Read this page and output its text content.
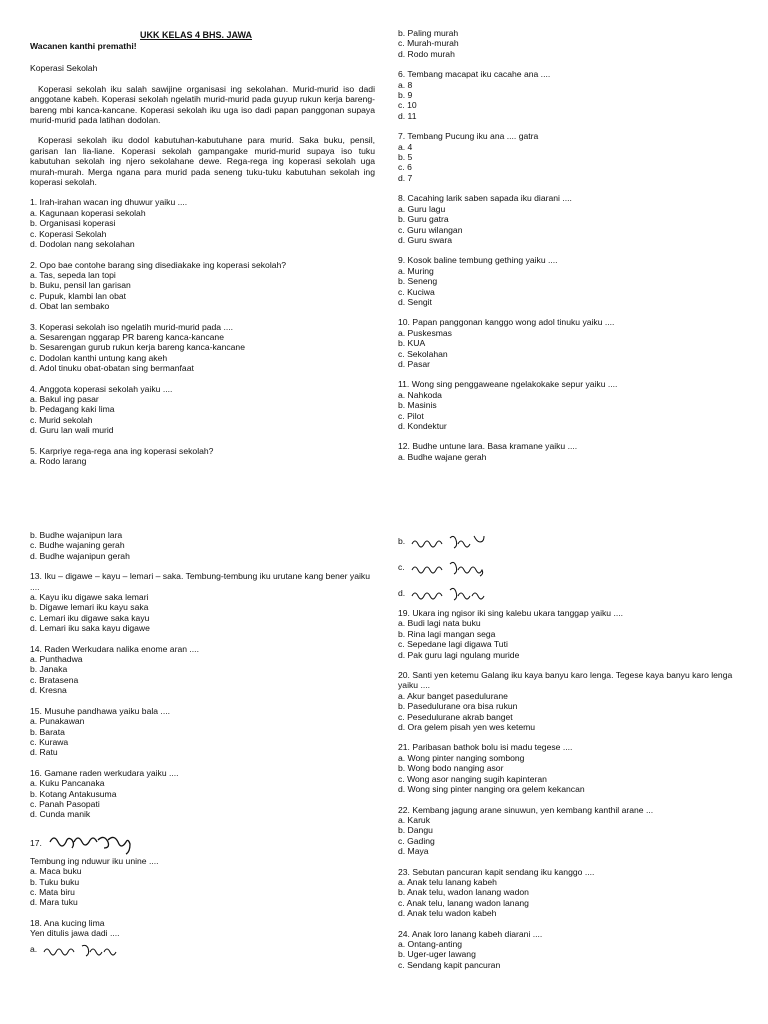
UKK KELAS 4 BHS. JAWA
Wacanen kanthi premathi!
Koperasi Sekolah
Koperasi sekolah iku salah sawijine organisasi ing sekolahan. Murid-murid iso dadi anggotane kabeh. Koperasi sekolah ngelatih murid-murid pada guyup rukun kerja bareng-bareng mbi kanca-kancane. Koperasi sekolah iku uga iso dadi papan panggonan supaya murid-murid pada latihan dodolan.
Koperasi sekolah iku dodol kabutuhan-kabutuhane para murid. Saka buku, pensil, garisan lan lia-liane. Koperasi sekolah gampangake murid-murid supaya iso tuku kabutuhan sekolah ing njero sekolahane dewe. Rega-rega ing koperasi sekolah uga murah-murah. Merga ngana para murid pada seneng tuku-tuku kabutuhan sekolah ing koperasi sekolah.
1. Irah-irahan wacan ing dhuwur yaiku ....
a. Kagunaan koperasi sekolah
b. Organisasi koperasi
c. Koperasi Sekolah
d. Dodolan nang sekolahan
2. Opo bae contohe barang sing disediakake ing koperasi sekolah?
a. Tas, sepeda lan topi
b. Buku, pensil lan garisan
c. Pupuk, klambi lan obat
d. Obat lan sembako
3. Koperasi sekolah iso ngelatih murid-murid pada ....
a. Sesarengan nggarap PR bareng kanca-kancane
b. Sesarengan gurub rukun kerja bareng kanca-kancane
c. Dodolan kanthi untung kang akeh
d. Adol tinuku obat-obatan sing bermanfaat
4. Anggota koperasi sekolah yaiku ....
a. Bakul ing pasar
b. Pedagang kaki lima
c. Murid sekolah
d. Guru lan wali murid
5. Karpriye rega-rega ana ing koperasi sekolah?
a. Rodo larang
b. Paling murah
c. Murah-murah
d. Rodo murah
6. Tembang macapat iku cacahe ana ....
a. 8
b. 9
c. 10
d. 11
7. Tembang Pucung iku ana .... gatra
a. 4
b. 5
c. 6
d. 7
8. Cacahing larik saben sapada iku diarani ....
a. Guru lagu
b. Guru gatra
c. Guru wilangan
d. Guru swara
9. Kosok baline tembung gething yaiku ....
a. Muring
b. Seneng
c. Kuciwa
d. Sengit
10. Papan panggonan kanggo wong adol tinuku yaiku ....
a. Puskesmas
b. KUA
c. Sekolahan
d. Pasar
11. Wong sing penggaweane ngelakokake sepur yaiku ....
a. Nahkoda
b. Masinis
c. Pilot
d. Kondektur
12. Budhe untune lara. Basa kramane yaiku ....
a. Budhe wajane gerah
b. Budhe wajanipun lara
c. Budhe wajaning gerah
d. Budhe wajanipun gerah
13. Iku – digawe – kayu – lemari – saka. Tembung-tembung iku urutane kang bener yaiku ....
a. Kayu iku digawe saka lemari
b. Digawe lemari iku kayu saka
c. Lemari iku digawe saka kayu
d. Lemari iku saka kayu digawe
14. Raden Werkudara nalika enome aran ....
a. Punthadwa
b. Janaka
c. Bratasena
d. Kresna
15. Musuhe pandhawa yaiku bala ....
a. Punakawan
b. Barata
c. Kurawa
d. Ratu
16. Gamane raden werkudara yaiku ....
a. Kuku Pancanaka
b. Kotang Antakusuma
c. Panah Pasopati
d. Cunda manik
17.
Tembung ing nduwur iku unine ....
a. Maca buku
b. Tuku buku
c. Mata biru
d. Mara tuku
18. Ana kucing lima
Yen ditulis jawa dadi ....
a.
b.
c.
d.
19. Ukara ing ngisor iki sing kalebu ukara tanggap yaiku ....
a. Budi lagi nata buku
b. Rina lagi mangan sega
c. Sepedane lagi digawa Tuti
d. Pak guru lagi ngulang muride
20. Santi yen ketemu Galang iku kaya banyu karo lenga. Tegese kaya banyu karo lenga yaiku ....
a. Akur banget pasedulurane
b. Pasedulurane ora bisa rukun
c. Pesedulurane akrab banget
d. Ora gelem pisah yen wes ketemu
21. Paribasan bathok bolu isi madu tegese ....
a. Wong pinter nanging sombong
b. Wong bodo nanging asor
c. Wong asor nanging sugih kapinteran
d. Wong sing pinter nanging ora gelem kekancan
22. Kembang jagung arane sinuwun, yen kembang kanthil arane ...
a. Karuk
b. Dangu
c. Gading
d. Maya
23. Sebutan pancuran kapit sendang iku kanggo ....
a. Anak telu lanang kabeh
b. Anak telu, wadon lanang wadon
c. Anak telu, lanang wadon lanang
d. Anak telu wadon kabeh
24. Anak loro lanang kabeh diarani ....
a. Ontang-anting
b. Uger-uger lawang
c. Sendang kapit pancuran
